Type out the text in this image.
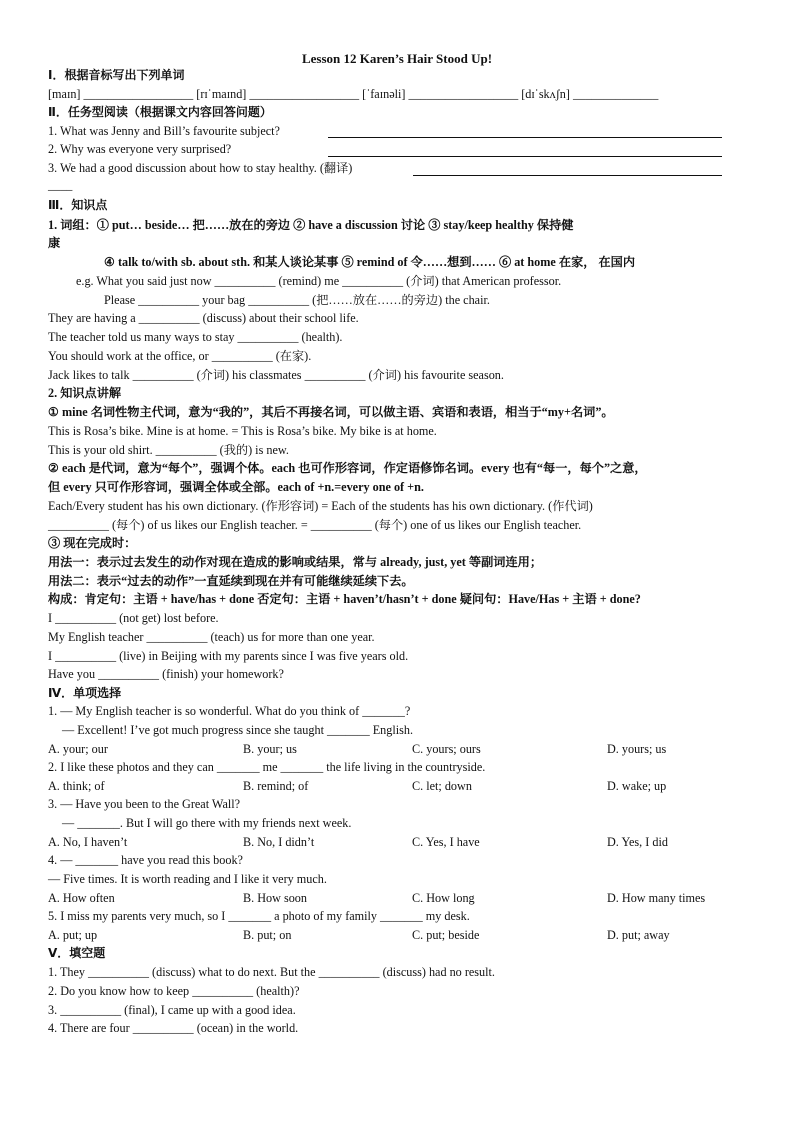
Lesson 12 Karen’s Hair Stood Up!
Ⅰ．根据音标写出下列单词
[maɪn] __________________ [rɪˈmaɪnd] __________________ [ˈfaɪnəli] __________________ [dɪˈskʌʃn] ______________
Ⅱ．任务型阅读（根据课文内容回答问题）
1. What was Jenny and Bill’s favourite subject?
2. Why was everyone very surprised?
3. We had a good discussion about how to stay healthy. (翻译)
____
Ⅲ．知识点
1. 词组：① put… beside… 把……放在的旁边 ② have a discussion 讨论 ③ stay/keep healthy 保持健
康
④ talk to/with sb. about sth. 和某人谈论某事 ⑤ remind of 令……想到…… ⑥ at home 在家， 在国内
e.g. What you said just now __________ (remind) me __________ (介词) that American professor.
Please __________ your bag __________ (把……放在……的旁边) the chair.
They are having a __________ (discuss) about their school life.
The teacher told us many ways to stay __________ (health).
You should work at the office, or __________ (在家).
Jack likes to talk __________ (介词) his classmates __________ (介词) his favourite season.
2. 知识点讲解
① mine 名词性物主代词，意为“我的”，其后不再接名词，可以做主语、宾语和表语，相当于“my+名词”。
This is Rosa’s bike. Mine is at home. = This is Rosa’s bike. My bike is at home.
This is your old shirt. __________ (我的) is new.
② each 是代词，意为“每个”，强调个体。each 也可作形容词，作定语修饰名词。every 也有“每一，每个”之意，
但 every 只可作形容词，强调全体或全部。each of +n.=every one of +n.
Each/Every student has his own dictionary. (作形容词) = Each of the students has his own dictionary. (作代词)
__________ (每个) of us likes our English teacher. = __________ (每个) one of us likes our English teacher.
③ 现在完成时：
用法一：表示过去发生的动作对现在造成的影响或结果，常与 already, just, yet 等副词连用；
用法二：表示“过去的动作”一直延续到现在并有可能继续延续下去。
构成：肯定句：主语 + have/has + done 否定句：主语 + haven’t/hasn’t + done 疑问句：Have/Has + 主语 + done?
I __________ (not get) lost before.
My English teacher __________ (teach) us for more than one year.
I __________ (live) in Beijing with my parents since I was five years old.
Have you __________ (finish) your homework?
Ⅳ．单项选择
1. — My English teacher is so wonderful. What do you think of _______?
— Excellent! I’ve got much progress since she taught _______ English.
A. your; our	B. your; us	C. yours; ours	D. yours; us
2. I like these photos and they can _______ me _______ the life living in the countryside.
A. think; of	B. remind; of	C. let; down	D. wake; up
3. — Have you been to the Great Wall?
— _______. But I will go there with my friends next week.
A. No, I haven’t	B. No, I didn’t	C. Yes, I have	D. Yes, I did
4. — _______ have you read this book?
— Five times. It is worth reading and I like it very much.
A. How often	B. How soon	C. How long	D. How many times
5. I miss my parents very much, so I _______ a photo of my family _______ my desk.
A. put; up	B. put; on	C. put; beside	D. put; away
Ⅴ．填空题
1. They __________ (discuss) what to do next. But the __________ (discuss) had no result.
2. Do you know how to keep __________ (health)?
3. __________ (final), I came up with a good idea.
4. There are four __________ (ocean) in the world.
